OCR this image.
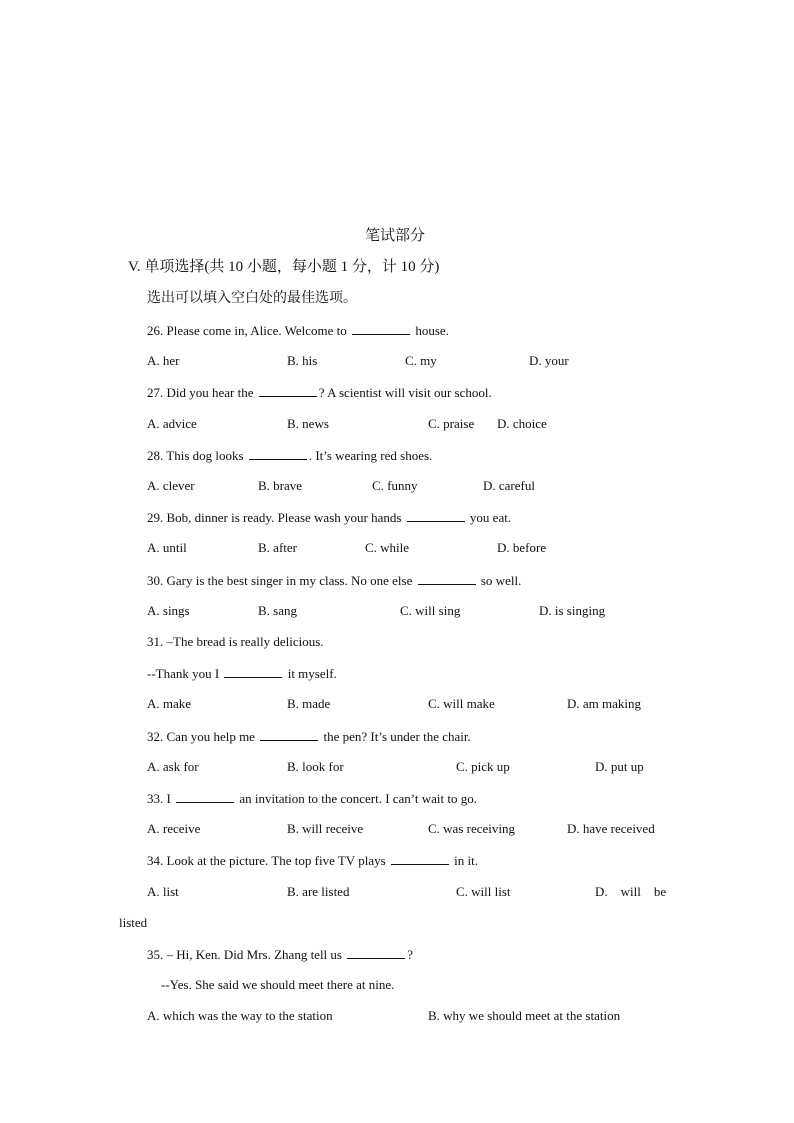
笔试部分
V. 单项选择(共 10 小题，每小题 1 分，计 10 分)
选出可以填入空白处的最佳选项。
26. Please come in, Alice. Welcome to	house.
A. her	B. his	C. my	D. your
27. Did you hear the	? A scientist will visit our school.
A. advice	B. news	C. praise D. choice
28. This dog looks	. It’s wearing red shoes.
A. clever	B. brave	C. funny	D. careful
29. Bob, dinner is ready. Please wash your hands	you eat.
A. until	B. after	C. while	D. before
30. Gary is the best singer in my class. No one else	so well.
A. sings	B. sang	C. will sing	D. is singing
31. –The bread is really delicious.
--Thank you I	it myself.
A. make	B. made	C. will make	D. am making
32. Can you help me	the pen? It’s under the chair.
A. ask for	B. look for	C. pick up	D. put up
33. I	an invitation to the concert. I can’t wait to go.
A. receive	B. will receive	C. was receiving	D. have received
34. Look at the picture. The top five TV plays	in it.
A. list	B. are listed	C. will list	D.    will    be
listed
35. – Hi, Ken. Did Mrs. Zhang tell us	?
--Yes. She said we should meet there at nine.
A. which was the way to the station	B. why we should meet at the station
